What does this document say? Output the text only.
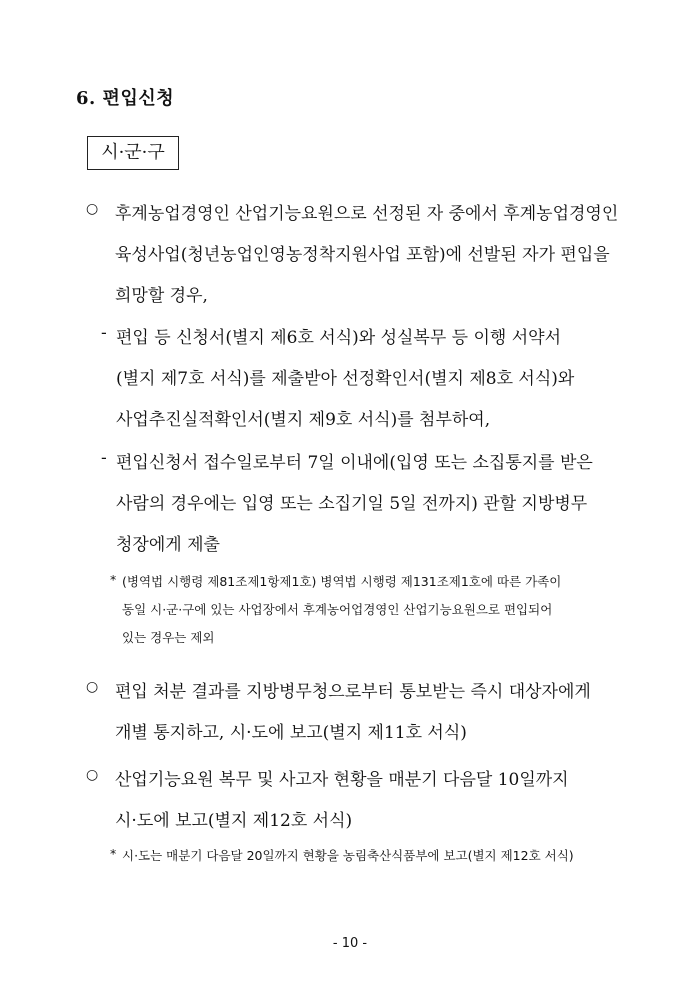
6. 편입신청
시·군·구
○ 후계농업경영인 산업기능요원으로 선정된 자 중에서 후계농업경영인
육성사업(청년농업인영농정착지원사업 포함)에 선발된 자가 편입을
희망할 경우,
- 편입 등 신청서(별지 제6호 서식)와 성실복무 등 이행 서약서
(별지 제7호 서식)를 제출받아 선정확인서(별지 제8호 서식)와
사업추진실적확인서(별지 제9호 서식)를 첨부하여,
- 편입신청서 접수일로부터 7일 이내에(입영 또는 소집통지를 받은
사람의 경우에는 입영 또는 소집기일 5일 전까지) 관할 지방병무
청장에게 제출
* (병역법 시행령 제81조제1항제1호) 병역법 시행령 제131조제1호에 따른 가족이
동일 시·군·구에 있는 사업장에서 후계농어업경영인 산업기능요원으로 편입되어
있는 경우는 제외
○ 편입 처분 결과를 지방병무청으로부터 통보받는 즉시 대상자에게
개별 통지하고, 시·도에 보고(별지 제11호 서식)
○ 산업기능요원 복무 및 사고자 현황을 매분기 다음달 10일까지
시·도에 보고(별지 제12호 서식)
* 시·도는 매분기 다음달 20일까지 현황을 농림축산식품부에 보고(별지 제12호 서식)
- 10 -
